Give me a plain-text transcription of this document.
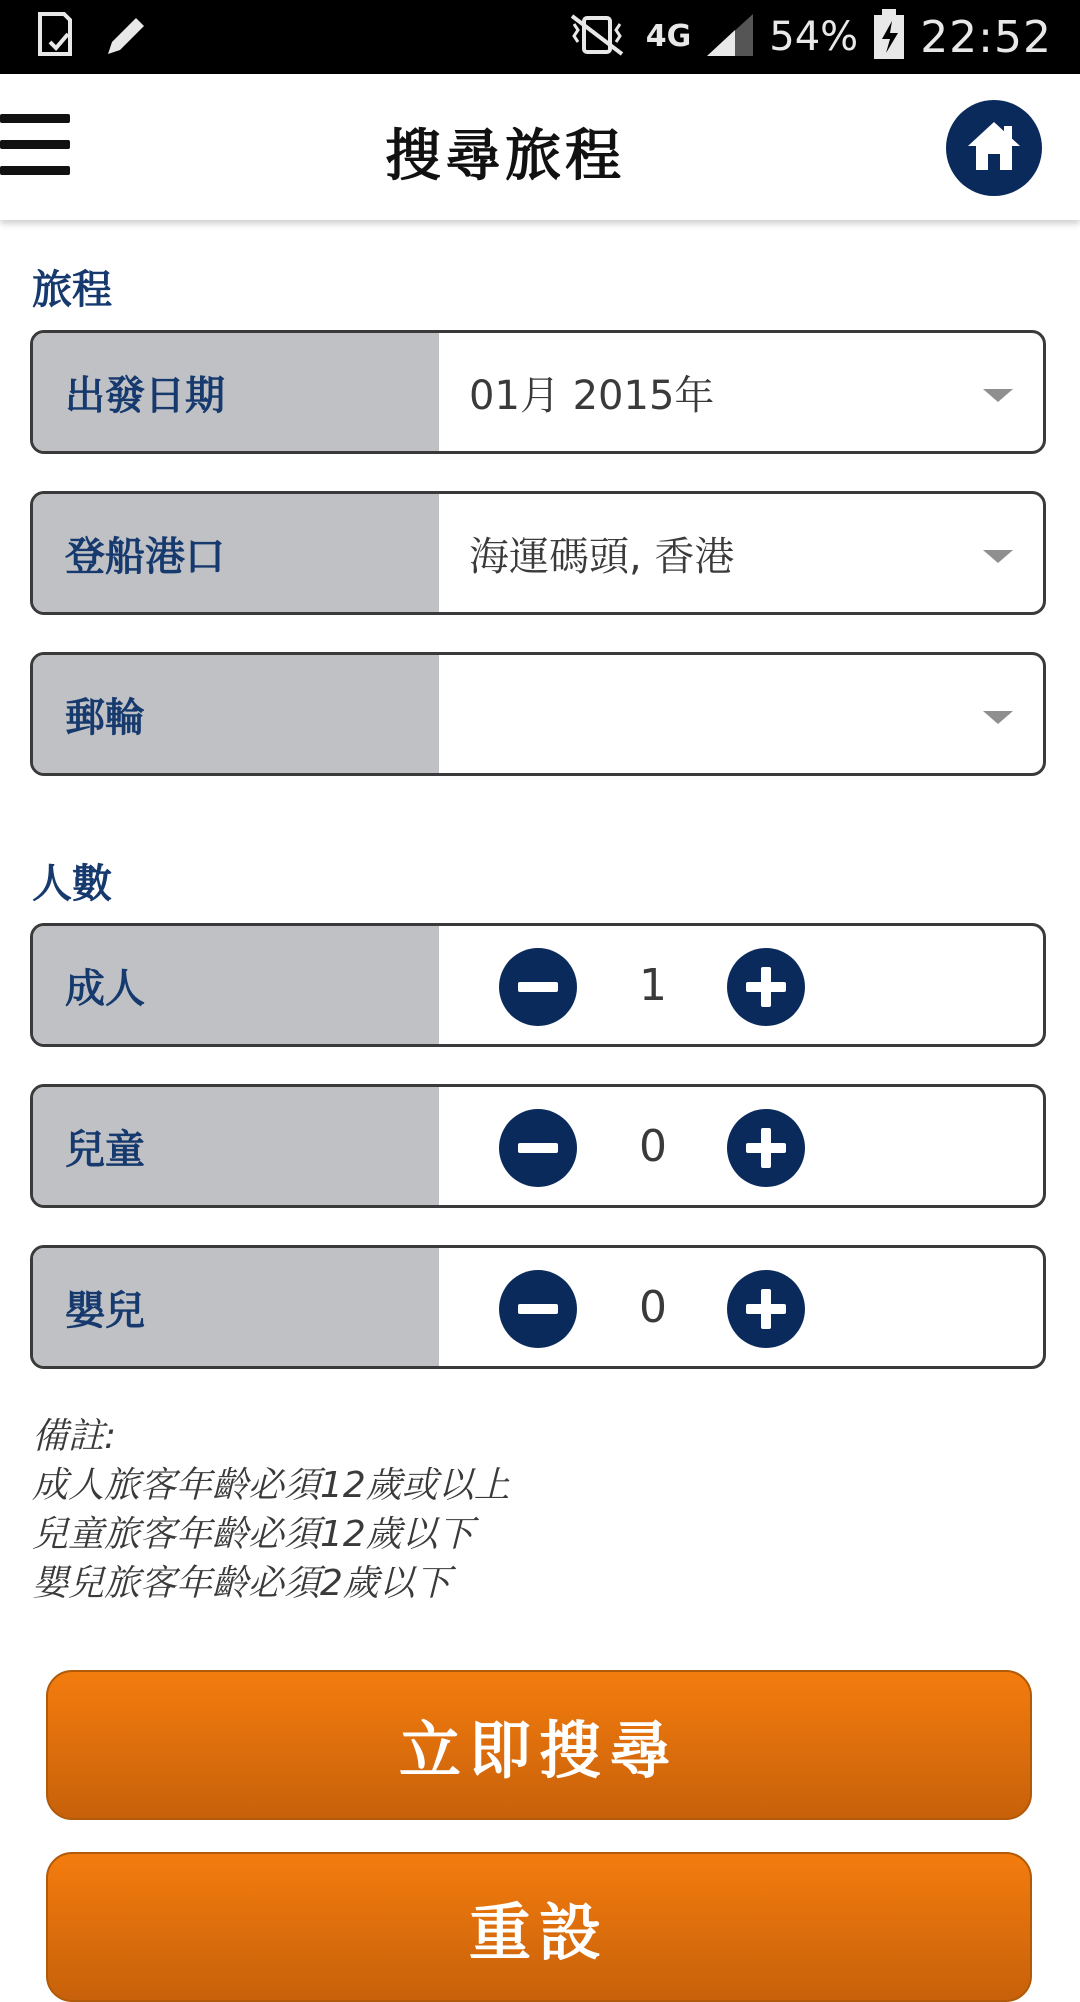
4G 54% 22:52
搜尋旅程
旅程
出發日期	01月 2015年
登船港口	海運碼頭, 香港
郵輪
人數
成人	1
兒童	0
嬰兒	0
備註:
成人旅客年齡必須12歲或以上
兒童旅客年齡必須12歲以下
嬰兒旅客年齡必須2歲以下
立即搜尋
重設
